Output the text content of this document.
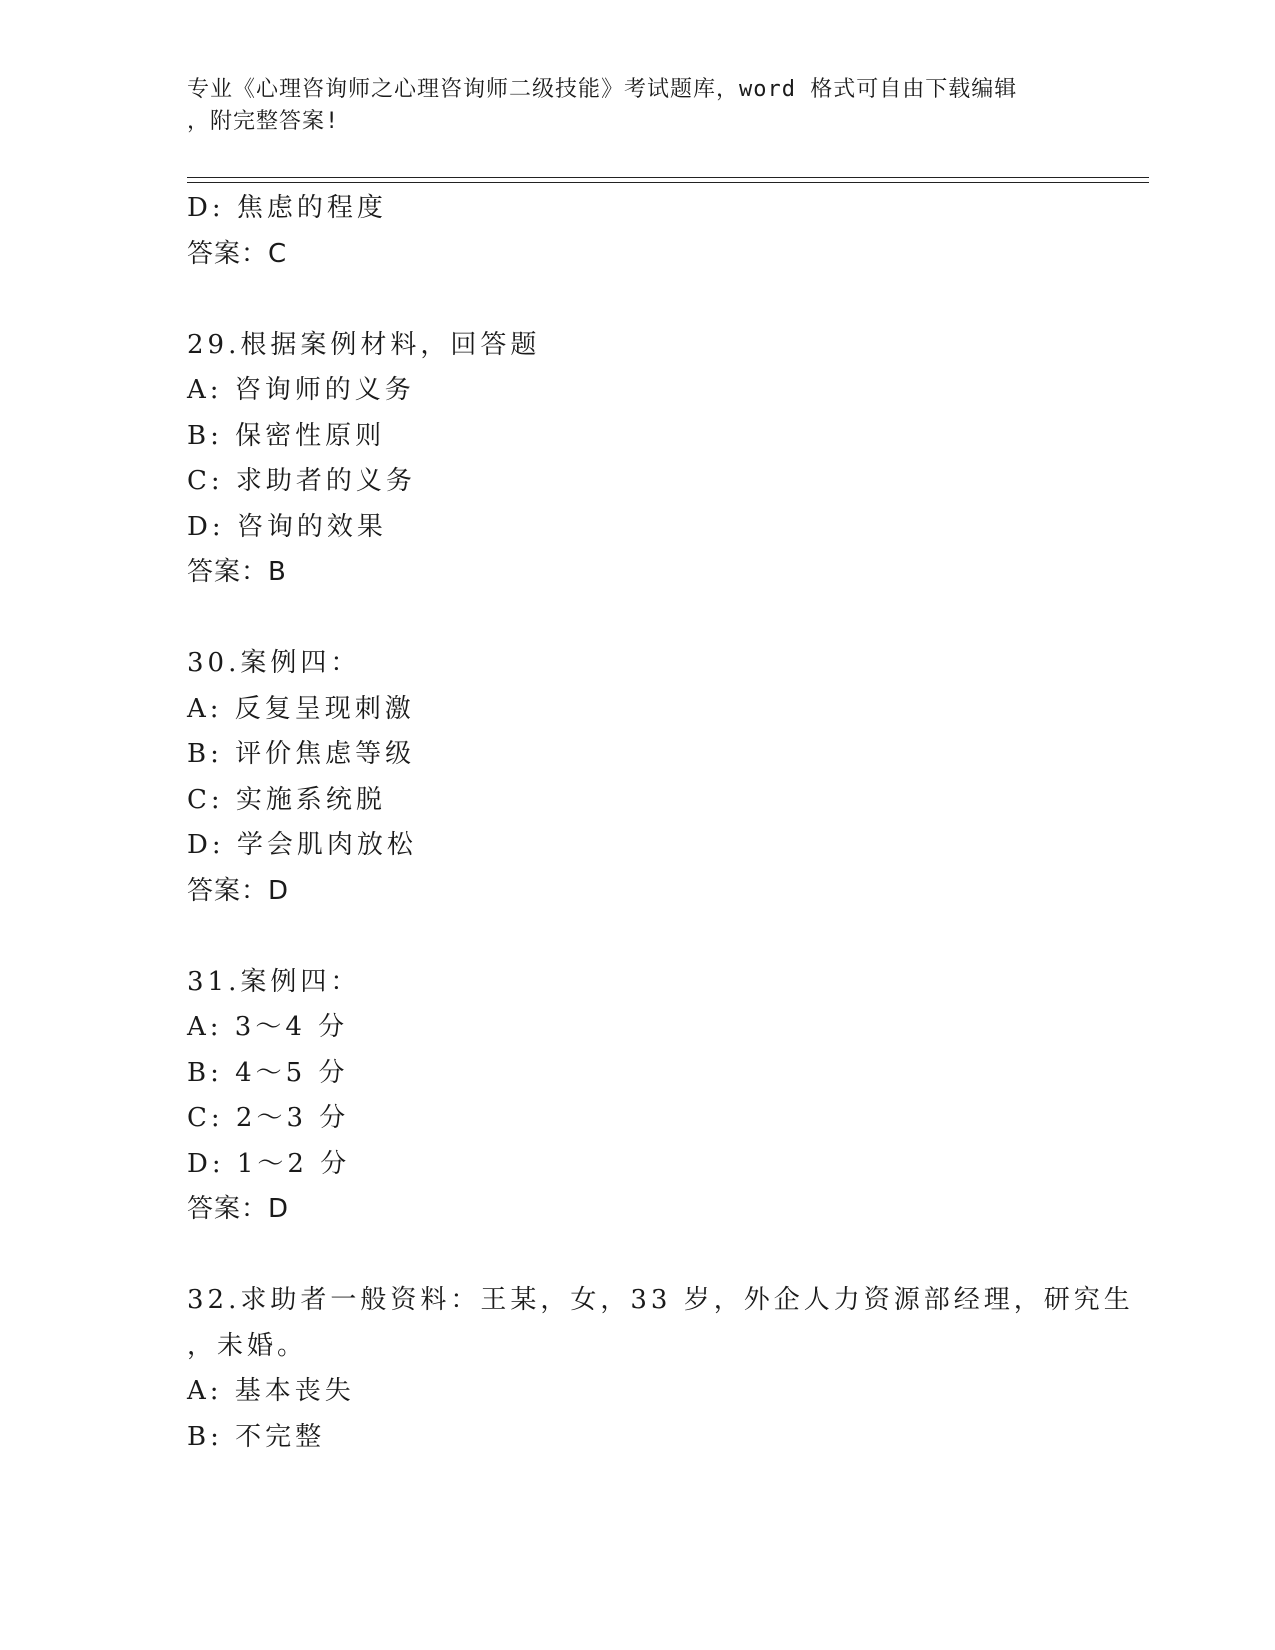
专业《心理咨询师之心理咨询师二级技能》考试题库，word 格式可自由下载编辑
，附完整答案!
D: 焦虑的程度
答案：C
29.根据案例材料，回答题
A: 咨询师的义务
B: 保密性原则
C: 求助者的义务
D: 咨询的效果
答案：B
30.案例四：
A: 反复呈现刺激
B: 评价焦虑等级
C: 实施系统脱
D: 学会肌肉放松
答案：D
31.案例四：
A: 3～4 分
B: 4～5 分
C: 2～3 分
D: 1～2 分
答案：D
32.求助者一般资料：王某，女，33 岁，外企人力资源部经理，研究生
，未婚。
A: 基本丧失
B: 不完整
